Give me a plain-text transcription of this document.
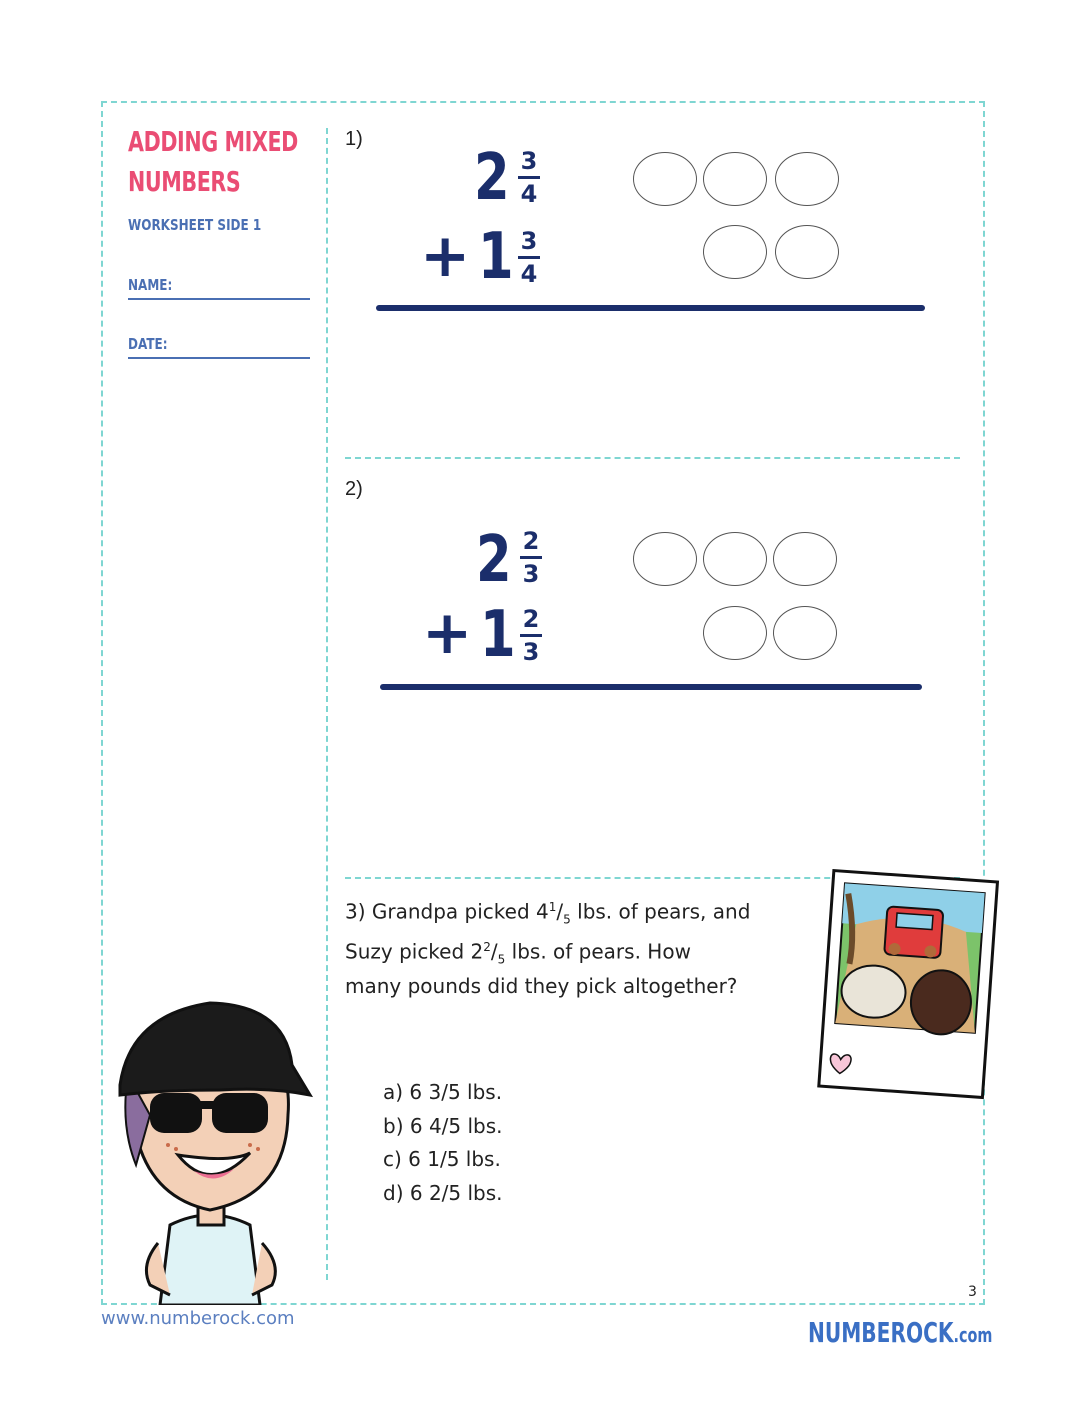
ADDING MIXED
NUMBERS
WORKSHEET SIDE 1
NAME:
DATE:
1)
2 3
4
+ 1 3
4
2)
2 2
3
+ 1 2
3
3) Grandpa picked $4^1/_5$ lbs. of pears, and
Suzy picked $2^2/_5$ lbs. of pears. How
many pounds did they pick altogether?
a) 6 3/5 lbs.
b) 6 4/5 lbs.
c) 6 1/5 lbs.
d) 6 2/5 lbs.
www.numberock.com
3
NUMBEROCK.com
